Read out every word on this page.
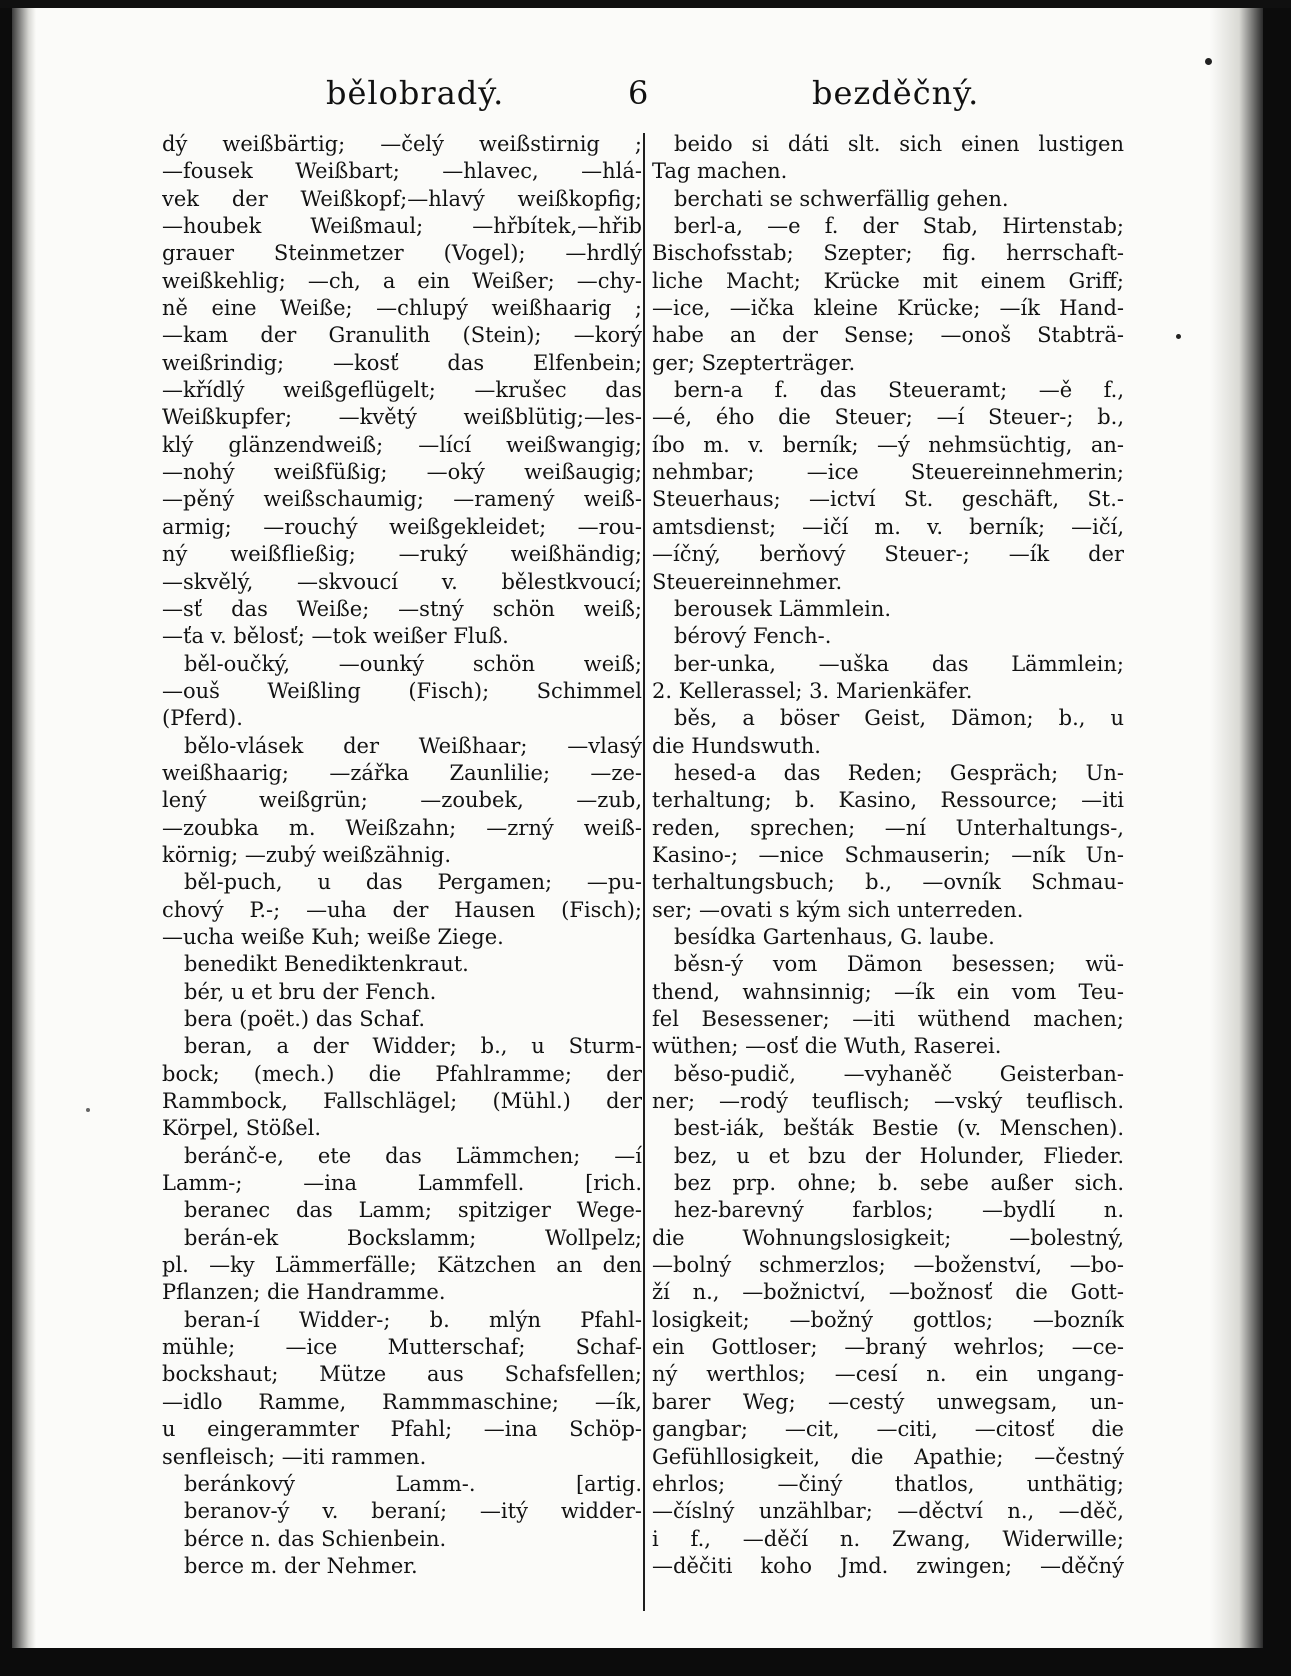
bělobradý.	6	bezděčný.
dý weißbärtig; —čelý weißstirnig ;
—fousek Weißbart; —hlavec, —hlá-
vek der Weißkopf;—hlavý weißkopfig;
—houbek Weißmaul; —hřbítek,—hřib
grauer Steinmetzer (Vogel); —hrdlý
weißkehlig; —ch, a ein Weißer; —chy-
ně eine Weiße; —chlupý weißhaarig ;
—kam der Granulith (Stein); —korý
weißrindig; —kosť das Elfenbein;
—křídlý weißgeflügelt; —krušec das
Weißkupfer; —květý weißblütig;—les-
klý glänzendweiß; —lící weißwangig;
—nohý weißfüßig; —oký weißaugig;
—pěný weißschaumig; —ramený weiß-
armig; —rouchý weißgekleidet; —rou-
ný weißfließig; —ruký weißhändig;
—skvělý, —skvoucí v. bělestkvoucí;
—sť das Weiße; —stný schön weiß;
—ťa v. bělosť; —tok weißer Fluß.
běl-oučký, —ounký schön weiß;
—ouš Weißling (Fisch); Schimmel
(Pferd).
bělo-vlásek der Weißhaar; —vlasý
weißhaarig; —zářka Zaunlilie; —ze-
lený weißgrün; —zoubek, —zub,
—zoubka m. Weißzahn; —zrný weiß-
körnig; —zubý weißzähnig.
běl-puch, u das Pergamen; —pu-
chový P.-; —uha der Hausen (Fisch);
—ucha weiße Kuh; weiße Ziege.
benedikt Benediktenkraut.
bér, u et bru der Fench.
bera (poët.) das Schaf.
beran, a der Widder; b., u Sturm-
bock; (mech.) die Pfahlramme; der
Rammbock, Fallschlägel; (Mühl.) der
Körpel, Stößel.
beránč-e, ete das Lämmchen; —í
Lamm-; —ina Lammfell. [rich.
beranec das Lamm; spitziger Wege-
berán-ek Bockslamm; Wollpelz;
pl. —ky Lämmerfälle; Kätzchen an den
Pflanzen; die Handramme.
beran-í Widder-; b. mlýn Pfahl-
mühle; —ice Mutterschaf; Schaf-
bockshaut; Mütze aus Schafsfellen;
—idlo Ramme, Rammmaschine; —ík,
u eingerammter Pfahl; —ina Schöp-
senfleisch; —iti rammen.
beránkový Lamm-. [artig.
beranov-ý v. beraní; —itý widder-
bérce n. das Schienbein.
berce m. der Nehmer.
beido si dáti slt. sich einen lustigen
Tag machen.
berchati se schwerfällig gehen.
berl-a, —e f. der Stab, Hirtenstab;
Bischofsstab; Szepter; fig. herrschaft-
liche Macht; Krücke mit einem Griff;
—ice, —ička kleine Krücke; —ík Hand-
habe an der Sense; —onoš Stabträ-
ger; Szepterträger.
bern-a f. das Steueramt; —ě f.,
—é, ého die Steuer; —í Steuer-; b.,
íbo m. v. berník; —ý nehmsüchtig, an-
nehmbar; —ice Steuereinnehmerin;
Steuerhaus; —ictví St. geschäft, St.-
amtsdienst; —ičí m. v. berník; —ičí,
—íčný, berňový Steuer-; —ík der
Steuereinnehmer.
berousek Lämmlein.
bérový Fench-.
ber-unka, —uška das Lämmlein;
2. Kellerassel; 3. Marienkäfer.
běs, a böser Geist, Dämon; b., u
die Hundswuth.
hesed-a das Reden; Gespräch; Un-
terhaltung; b. Kasino, Ressource; —iti
reden, sprechen; —ní Unterhaltungs-,
Kasino-; —nice Schmauserin; —ník Un-
terhaltungsbuch; b., —ovník Schmau-
ser; —ovati s kým sich unterreden.
besídka Gartenhaus, G. laube.
běsn-ý vom Dämon besessen; wü-
thend, wahnsinnig; —ík ein vom Teu-
fel Besessener; —iti wüthend machen;
wüthen; —osť die Wuth, Raserei.
běso-pudič, —vyhaněč Geisterban-
ner; —rodý teuflisch; —vský teuflisch.
best-iák, bešták Bestie (v. Menschen).
bez, u et bzu der Holunder, Flieder.
bez prp. ohne; b. sebe außer sich.
hez-barevný farblos; —bydlí n.
die Wohnungslosigkeit; —bolestný,
—bolný schmerzlos; —boženství, —bo-
ží n., —božnictví, —božnosť die Gott-
losigkeit; —božný gottlos; —bozník
ein Gottloser; —braný wehrlos; —ce-
ný werthlos; —cesí n. ein ungang-
barer Weg; —cestý unwegsam, un-
gangbar; —cit, —citi, —citosť die
Gefühllosigkeit, die Apathie; —čestný
ehrlos; —činý thatlos, unthätig;
—číslný unzählbar; —děctví n., —děč,
i f., —děčí n. Zwang, Widerwille;
—děčiti koho Jmd. zwingen; —děčný
